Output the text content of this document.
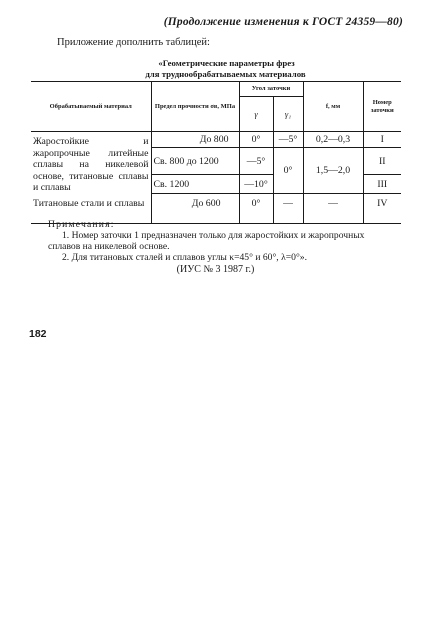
(Продолжение изменения к ГОСТ 24359—80)
Приложение дополнить таблицей:
«Геометрические параметры фрез
для труднообрабатываемых материалов
Обрабатываемый материал	Предел прочности σв, МПа	Угол заточки		f, мм	Номер заточки
		γ	γ₁		
Жаростойкие и жаропрочные литейные сплавы на никелевой основе, титановые сплавы и сплавы	До 800	0°	—5°	0,2—0,3	I
	Св. 800 до 1200	—5°	0°	1,5—2,0	II
	Св. 1200	—10°			III
Титановые стали и сплавы	До 600	0°	—	—	IV

Примечания:

1. Номер заточки 1 предназначен только для жаростойких и жаропрочных сплавов на никелевой основе.

2. Для титановых сталей и сплавов углы κ=45° и 60°, λ=0°».

(ИУС № 3 1987 г.)
182
